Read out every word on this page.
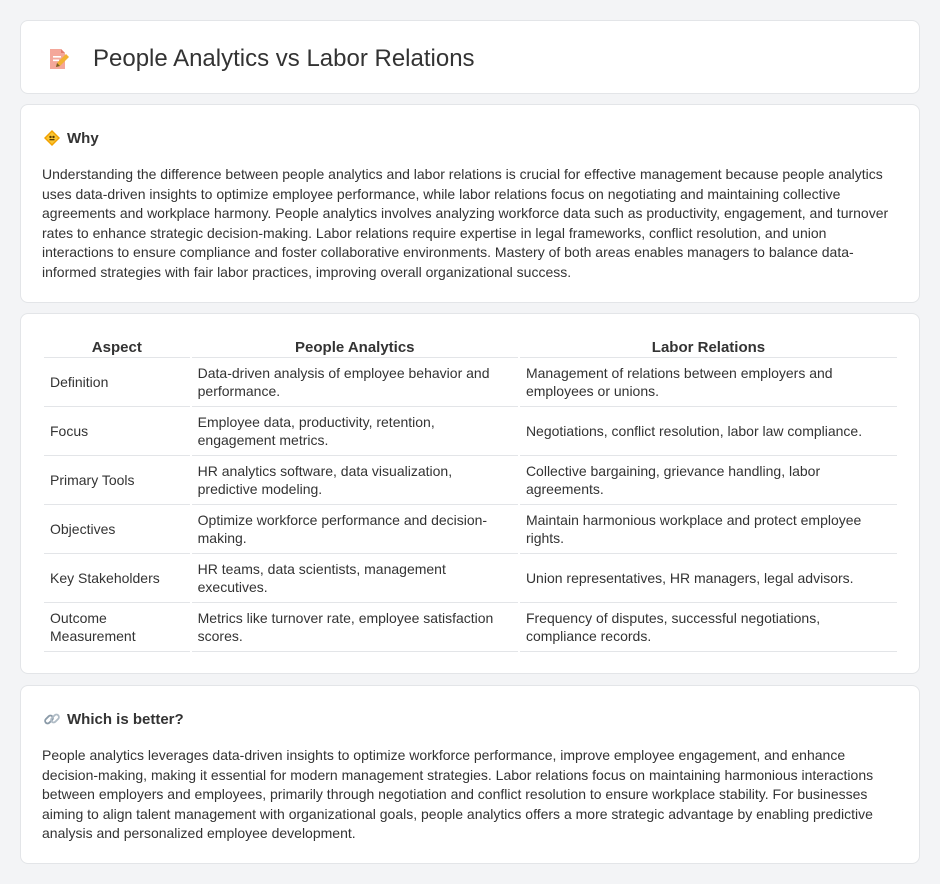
People Analytics vs Labor Relations
Why

Understanding the difference between people analytics and labor relations is crucial for effective management because people analytics uses data-driven insights to optimize employee performance, while labor relations focus on negotiating and maintaining collective agreements and workplace harmony. People analytics involves analyzing workforce data such as productivity, engagement, and turnover rates to enhance strategic decision-making. Labor relations require expertise in legal frameworks, conflict resolution, and union interactions to ensure compliance and foster collaborative environments. Mastery of both areas enables managers to balance data-informed strategies with fair labor practices, improving overall organizational success.

Aspect	People Analytics	Labor Relations
Definition	Data-driven analysis of employee behavior and performance.	Management of relations between employers and employees or unions.
Focus	Employee data, productivity, retention, engagement metrics.	Negotiations, conflict resolution, labor law compliance.
Primary Tools	HR analytics software, data visualization, predictive modeling.	Collective bargaining, grievance handling, labor agreements.
Objectives	Optimize workforce performance and decision-making.	Maintain harmonious workplace and protect employee rights.
Key Stakeholders	HR teams, data scientists, management executives.	Union representatives, HR managers, legal advisors.
Outcome Measurement	Metrics like turnover rate, employee satisfaction scores.	Frequency of disputes, successful negotiations, compliance records.
Which is better?

People analytics leverages data-driven insights to optimize workforce performance, improve employee engagement, and enhance decision-making, making it essential for modern management strategies. Labor relations focus on maintaining harmonious interactions between employers and employees, primarily through negotiation and conflict resolution to ensure workplace stability. For businesses aiming to align talent management with organizational goals, people analytics offers a more strategic advantage by enabling predictive analysis and personalized employee development.
